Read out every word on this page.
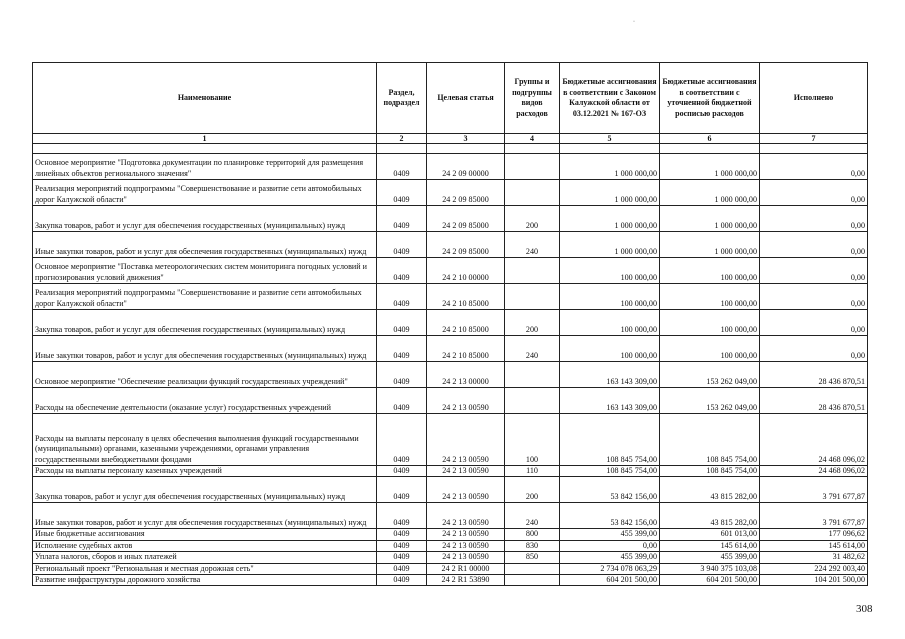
·
Наименование	Раздел, подраздел	Целевая статья	Группы и подгруппы видов расходов	Бюджетные ассигнования в соответствии с Законом Калужской области от 03.12.2021 № 167-ОЗ	Бюджетные ассигнования в соответствии с уточненной бюджетной росписью расходов	Исполнено
1	2	3	4	5	6	7

Основное мероприятие "Подготовка документации по планировке территорий для размещения линейных объектов регионального значения"	0409	24 2 09 00000		1 000 000,00	1 000 000,00	0,00
Реализация мероприятий подпрограммы "Совершенствование и развитие сети автомобильных дорог Калужской области"	0409	24 2 09 85000		1 000 000,00	1 000 000,00	0,00
Закупка товаров, работ и услуг для обеспечения государственных (муниципальных) нужд	0409	24 2 09 85000	200	1 000 000,00	1 000 000,00	0,00
Иные закупки товаров, работ и услуг для обеспечения государственных (муниципальных) нужд	0409	24 2 09 85000	240	1 000 000,00	1 000 000,00	0,00
Основное мероприятие "Поставка метеорологических систем мониторинга погодных условий и прогнозирования условий движения"	0409	24 2 10 00000		100 000,00	100 000,00	0,00
Реализация мероприятий подпрограммы "Совершенствование и развитие сети автомобильных дорог Калужской области"	0409	24 2 10 85000		100 000,00	100 000,00	0,00
Закупка товаров, работ и услуг для обеспечения государственных (муниципальных) нужд	0409	24 2 10 85000	200	100 000,00	100 000,00	0,00
Иные закупки товаров, работ и услуг для обеспечения государственных (муниципальных) нужд	0409	24 2 10 85000	240	100 000,00	100 000,00	0,00
Основное мероприятие "Обеспечение реализации функций государственных учреждений"	0409	24 2 13 00000		163 143 309,00	153 262 049,00	28 436 870,51
Расходы на обеспечение деятельности (оказание услуг) государственных учреждений	0409	24 2 13 00590		163 143 309,00	153 262 049,00	28 436 870,51
Расходы на выплаты персоналу в целях обеспечения выполнения функций государственными (муниципальными) органами, казенными учреждениями, органами управления государственными внебюджетными фондами	0409	24 2 13 00590	100	108 845 754,00	108 845 754,00	24 468 096,02
Расходы на выплаты персоналу казенных учреждений	0409	24 2 13 00590	110	108 845 754,00	108 845 754,00	24 468 096,02
Закупка товаров, работ и услуг для обеспечения государственных (муниципальных) нужд	0409	24 2 13 00590	200	53 842 156,00	43 815 282,00	3 791 677,87
Иные закупки товаров, работ и услуг для обеспечения государственных (муниципальных) нужд	0409	24 2 13 00590	240	53 842 156,00	43 815 282,00	3 791 677,87
Иные бюджетные ассигнования	0409	24 2 13 00590	800	455 399,00	601 013,00	177 096,62
Исполнение судебных актов	0409	24 2 13 00590	830	0,00	145 614,00	145 614,00
Уплата налогов, сборов и иных платежей	0409	24 2 13 00590	850	455 399,00	455 399,00	31 482,62
Региональный проект "Региональная и местная дорожная сеть"	0409	24 2 R1 00000		2 734 078 063,29	3 940 375 103,08	224 292 003,40
Развитие инфраструктуры дорожного хозяйства	0409	24 2 R1 53890		604 201 500,00	604 201 500,00	104 201 500,00
308
